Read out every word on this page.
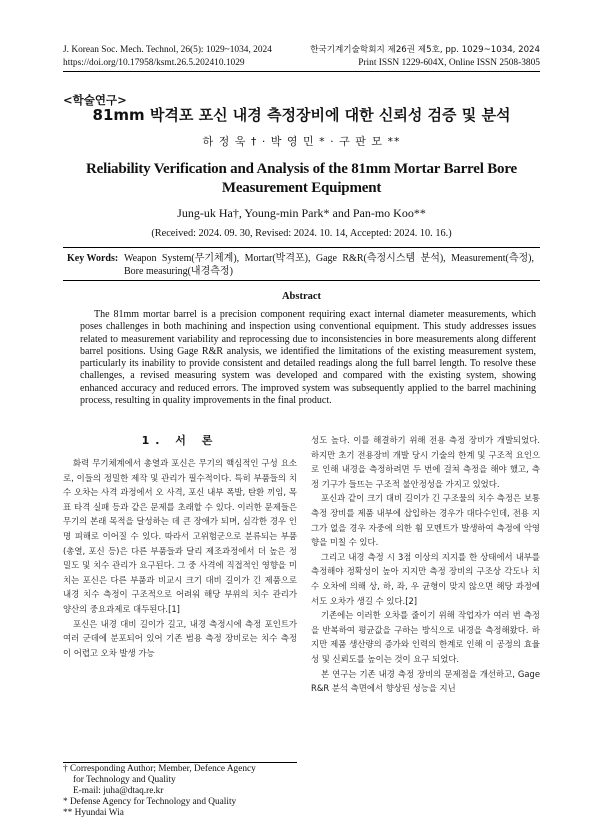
J. Korean Soc. Mech. Technol, 26(5): 1029~1034, 2024
https://doi.org/10.17958/ksmt.26.5.202410.1029
한국기계기술학회지 제26권 제5호, pp. 1029~1034, 2024
Print ISSN 1229-604X, Online ISSN 2508-3805
<학술연구>
81mm 박격포 포신 내경 측정장비에 대한 신뢰성 검증 및 분석
하 정 욱 † · 박 영 민 * · 구 판 모 **
Reliability Verification and Analysis of the 81mm Mortar Barrel Bore
Measurement Equipment
Jung-uk Ha†, Young-min Park* and Pan-mo Koo**
(Received: 2024. 09. 30, Revised: 2024. 10. 14, Accepted: 2024. 10. 16.)
Key Words: Weapon System(무기체계), Mortar(박격포), Gage R&R(측정시스템 분석), Measurement(측정), Bore measuring(내경측정)
Abstract

The 81mm mortar barrel is a precision component requiring exact internal diameter measurements, which poses challenges in both machining and inspection using conventional equipment. This study addresses issues related to measurement variability and reprocessing due to inconsistencies in bore measurements along different barrel positions. Using Gage R&R analysis, we identified the limitations of the existing measurement system, particularly its inability to provide consistent and detailed readings along the full barrel length. To resolve these challenges, a revised measuring system was developed and compared with the existing system, showing enhanced accuracy and reduced errors. The improved system was subsequently applied to the barrel machining process, resulting in quality improvements in the final product.

1. 서 론

화력 무기체계에서 총열과 포신은 무기의 핵심적인 구성 요소로, 이들의 정밀한 제작 및 관리가 필수적이다. 특히 부품들의 치수 오차는 사격 과정에서 오 사격, 포신 내부 폭발, 탄환 끼임, 목표 타격 실패 등과 같은 문제를 초래할 수 있다. 이러한 문제들은 무기의 본래 목적을 달성하는 데 큰 장애가 되며, 심각한 경우 인명 피해로 이어질 수 있다. 따라서 고위험군으로 분류되는 부품(총열, 포신 등)은 다른 부품들과 달리 제조과정에서 더 높은 정밀도 및 치수 관리가 요구된다. 그 중 사격에 직접적인 영향을 미치는 포신은 다른 부품과 비교시 크기 대비 길이가 긴 제품으로 내경 치수 측정이 구조적으로 어려워 해당 부위의 치수 관리가 양산의 중요과제로 대두된다.[1]

포신은 내경 대비 길이가 길고, 내경 측정시에 측정 포인트가 여러 군데에 분포되어 있어 기존 범용 측정 장비로는 치수 측정이 어렵고 오차 발생 가능

성도 높다. 이를 해결하기 위해 전용 측정 장비가 개발되었다. 하지만 초기 전용장비 개발 당시 기술의 한계 및 구조적 요인으로 인해 내경을 측정하려면 두 번에 걸쳐 측정을 해야 했고, 측정 기구가 들뜨는 구조적 불안정성을 가지고 있었다.

포신과 같이 크기 대비 길이가 긴 구조물의 치수 측정은 보통 측정 장비를 제품 내부에 삽입하는 경우가 대다수인데, 전용 지그가 없을 경우 자중에 의한 휨 모멘트가 발생하여 측정에 악영향을 미칠 수 있다.

그리고 내경 측정 시 3점 이상의 지지를 한 상태에서 내부를 측정해야 정확성이 높아 지지만 측정 장비의 구조상 각도나 치수 오차에 의해 상, 하, 좌, 우 균형이 맞지 않으면 해당 과정에서도 오차가 생길 수 있다.[2]

기존에는 이러한 오차를 줄이기 위해 작업자가 여러 번 측정을 반복하여 평균값을 구하는 방식으로 내경을 측정해왔다. 하지만 제품 생산량의 증가와 인력의 한계로 인해 이 공정의 효율성 및 신뢰도를 높이는 것이 요구 되었다.

본 연구는 기존 내경 측정 장비의 문제점을 개선하고, Gage R&R 분석 측면에서 향상된 성능을 지닌

† Corresponding Author; Member, Defence Agency
for Technology and Quality
E-mail: juha@dtaq.re.kr
* Defense Agency for Technology and Quality
** Hyundai Wia
